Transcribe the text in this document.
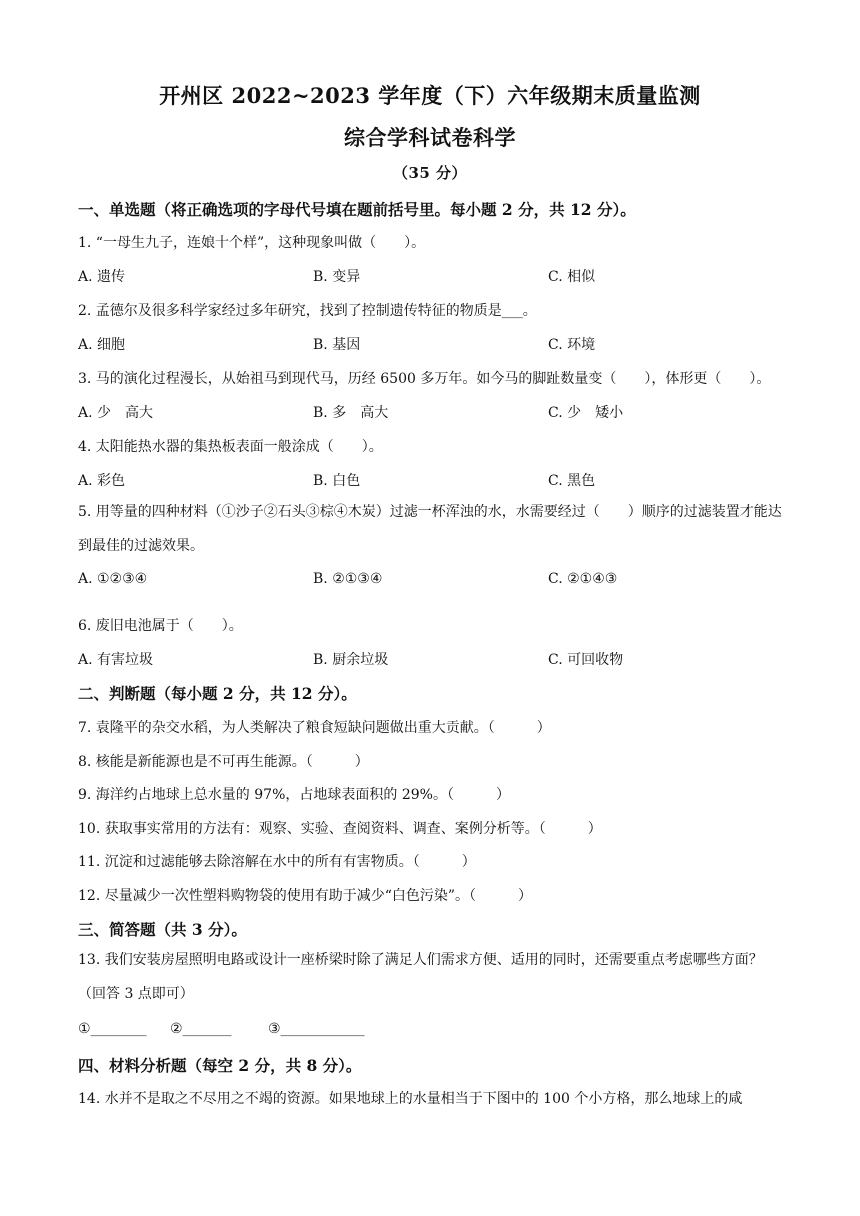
开州区 2022~2023 学年度（下）六年级期末质量监测
综合学科试卷科学
（35 分）
一、单选题（将正确选项的字母代号填在题前括号里。每小题 2 分，共 12 分）。
1. “一母生九子，连娘十个样”，这种现象叫做（　　）。
A. 遗传	B. 变异	C. 相似
2. 孟德尔及很多科学家经过多年研究，找到了控制遗传特征的物质是___。
A. 细胞	B. 基因	C. 环境
3. 马的演化过程漫长，从始祖马到现代马，历经 6500 多万年。如今马的脚趾数量变（　　），体形更（　　）。
A. 少　高大	B. 多　高大	C. 少　矮小
4. 太阳能热水器的集热板表面一般涂成（　　）。
A. 彩色	B. 白色	C. 黑色
5. 用等量的四种材料（①沙子②石头③棕④木炭）过滤一杯浑浊的水，水需要经过（　　）顺序的过滤装置才能达到最佳的过滤效果。
A. ①②③④	B. ②①③④	C. ②①④③
6. 废旧电池属于（　　）。
A. 有害垃圾	B. 厨余垃圾	C. 可回收物
二、判断题（每小题 2 分，共 12 分）。
7. 袁隆平的杂交水稻，为人类解决了粮食短缺问题做出重大贡献。（　　　）
8. 核能是新能源也是不可再生能源。（　　　）
9. 海洋约占地球上总水量的 97%，占地球表面积的 29%。（　　　）
10. 获取事实常用的方法有：观察、实验、查阅资料、调查、案例分析等。（　　　）
11. 沉淀和过滤能够去除溶解在水中的所有有害物质。（　　　）
12. 尽量减少一次性塑料购物袋的使用有助于减少“白色污染”。（　　　）
三、简答题（共 3 分）。
13. 我们安装房屋照明电路或设计一座桥梁时除了满足人们需求方便、适用的同时，还需要重点考虑哪些方面？　（回答 3 点即可）
①________ ②_______	③____________
四、材料分析题（每空 2 分，共 8 分）。
14. 水并不是取之不尽用之不竭的资源。如果地球上的水量相当于下图中的 100 个小方格，那么地球上的咸
